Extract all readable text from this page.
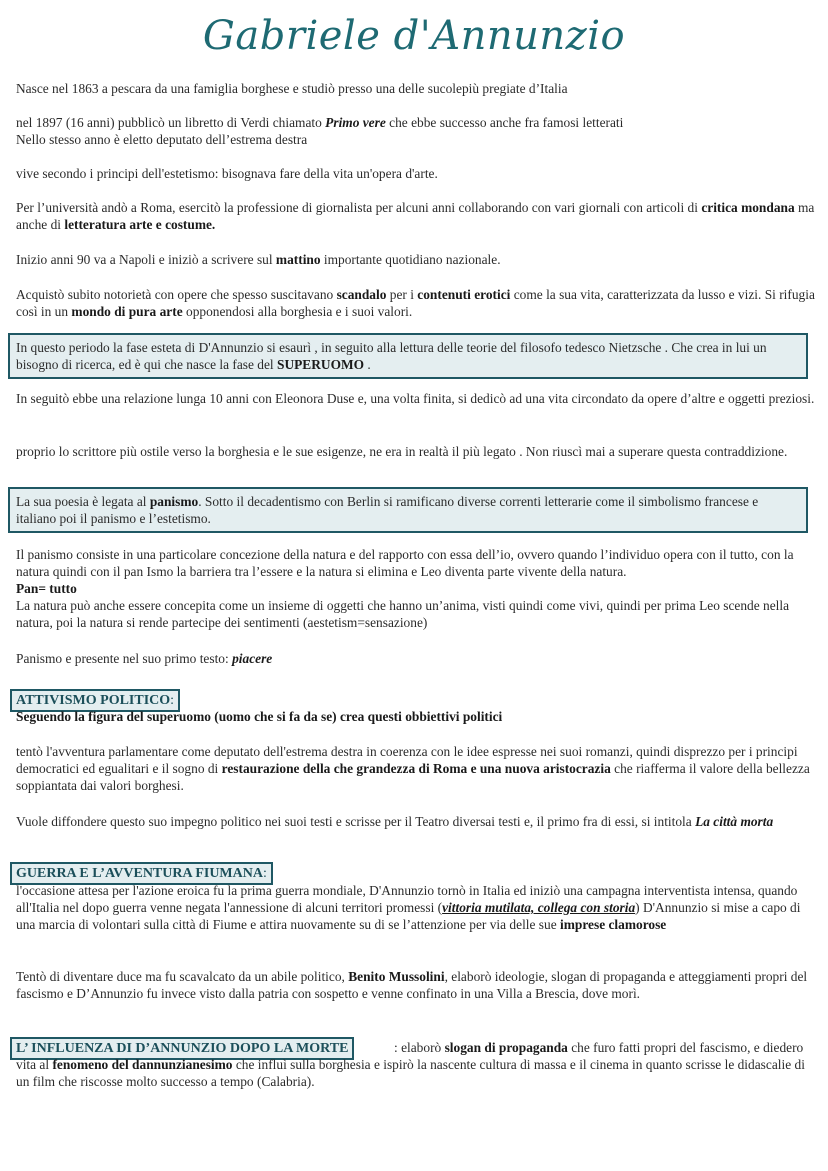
Gabriele d'Annunzio

Nasce nel 1863 a pescara da una famiglia borghese e studiò presso una delle sucolepiù pregiate d’Italia

nel 1897 (16 anni) pubblicò un libretto di Verdi chiamato Primo vere che ebbe successo anche fra famosi letterati
Nello stesso anno è eletto deputato dell’estrema destra

vive secondo i principi dell'estetismo: bisognava fare della vita un'opera d'arte.

Per l’università andò a Roma, esercitò la professione di giornalista per alcuni anni collaborando con vari giornali con articoli di critica mondana ma anche di letteratura arte e costume.

Inizio anni 90 va a Napoli e iniziò a scrivere sul mattino importante quotidiano nazionale.

Acquistò subito notorietà con opere che spesso suscitavano scandalo per i contenuti erotici come la sua vita, caratterizzata da lusso e vizi. Si rifugia così in un mondo di pura arte opponendosi alla borghesia e i suoi valori.

In questo periodo la fase esteta di D'Annunzio si esaurì , in seguito alla lettura delle teorie del filosofo tedesco Nietzsche . Che crea in lui un bisogno di ricerca, ed è qui che nasce la fase del SUPERUOMO .

In seguitò ebbe una relazione lunga 10 anni con Eleonora Duse e, una volta finita, si dedicò ad una vita circondato da opere d’altre e oggetti preziosi.

proprio lo scrittore più ostile verso la borghesia e le sue esigenze, ne era in realtà il più legato . Non riuscì mai a superare questa contraddizione.

La sua poesia è legata al panismo. Sotto il decadentismo con Berlin si ramificano diverse correnti letterarie come il simbolismo francese e italiano poi il panismo e l’estetismo.

Il panismo consiste in una particolare concezione della natura e del rapporto con essa dell’io, ovvero quando l’individuo opera con il tutto, con la natura quindi con il pan Ismo la barriera tra l’essere e la natura si elimina e Leo diventa parte vivente della natura.
Pan= tutto
La natura può anche essere concepita come un insieme di oggetti che hanno un’anima, visti quindi come vivi, quindi per prima Leo scende nella natura, poi la natura si rende partecipe dei sentimenti (aestetism=sensazione)

Panismo e presente nel suo primo testo: piacere

ATTIVISMO POLITICO:

Seguendo la figura del superuomo (uomo che si fa da se) crea questi obbiettivi politici

tentò l'avventura parlamentare come deputato dell'estrema destra in coerenza con le idee espresse nei suoi romanzi, quindi disprezzo per i principi democratici ed egualitari e il sogno di restaurazione della che grandezza di Roma e una nuova aristocrazia che riafferma il valore della bellezza soppiantata dai valori borghesi.

Vuole diffondere questo suo impegno politico nei suoi testi e scrisse per il Teatro diversai testi e, il primo fra di essi, si intitola La città morta

GUERRA E L’AVVENTURA FIUMANA:

l'occasione attesa per l'azione eroica fu la prima guerra mondiale, D'Annunzio tornò in Italia ed iniziò una campagna interventista intensa, quando all'Italia nel dopo guerra venne negata l'annessione di alcuni territori promessi (vittoria mutilata, collega con storia) D'Annunzio si mise a capo di una marcia di volontari sulla città di Fiume e attira nuovamente su di se l’attenzione per via delle sue imprese clamorose

Tentò di diventare duce ma fu scavalcato da un abile politico, Benito Mussolini, elaborò ideologie, slogan di propaganda e atteggiamenti propri del fascismo e D’Annunzio fu invece visto dalla patria con sospetto e venne confinato in una Villa a Brescia, dove morì.

L’ INFLUENZA DI D’ANNUNZIO DOPO LA MORTE	: elaborò slogan di propaganda che furo fatti propri del fascismo, e diedero vita al fenomeno del dannunzianesimo che influì sulla borghesia e ispirò la nascente cultura di massa e il cinema in quanto scrisse le didascalie di un film che riscosse molto successo a tempo (Calabria).
